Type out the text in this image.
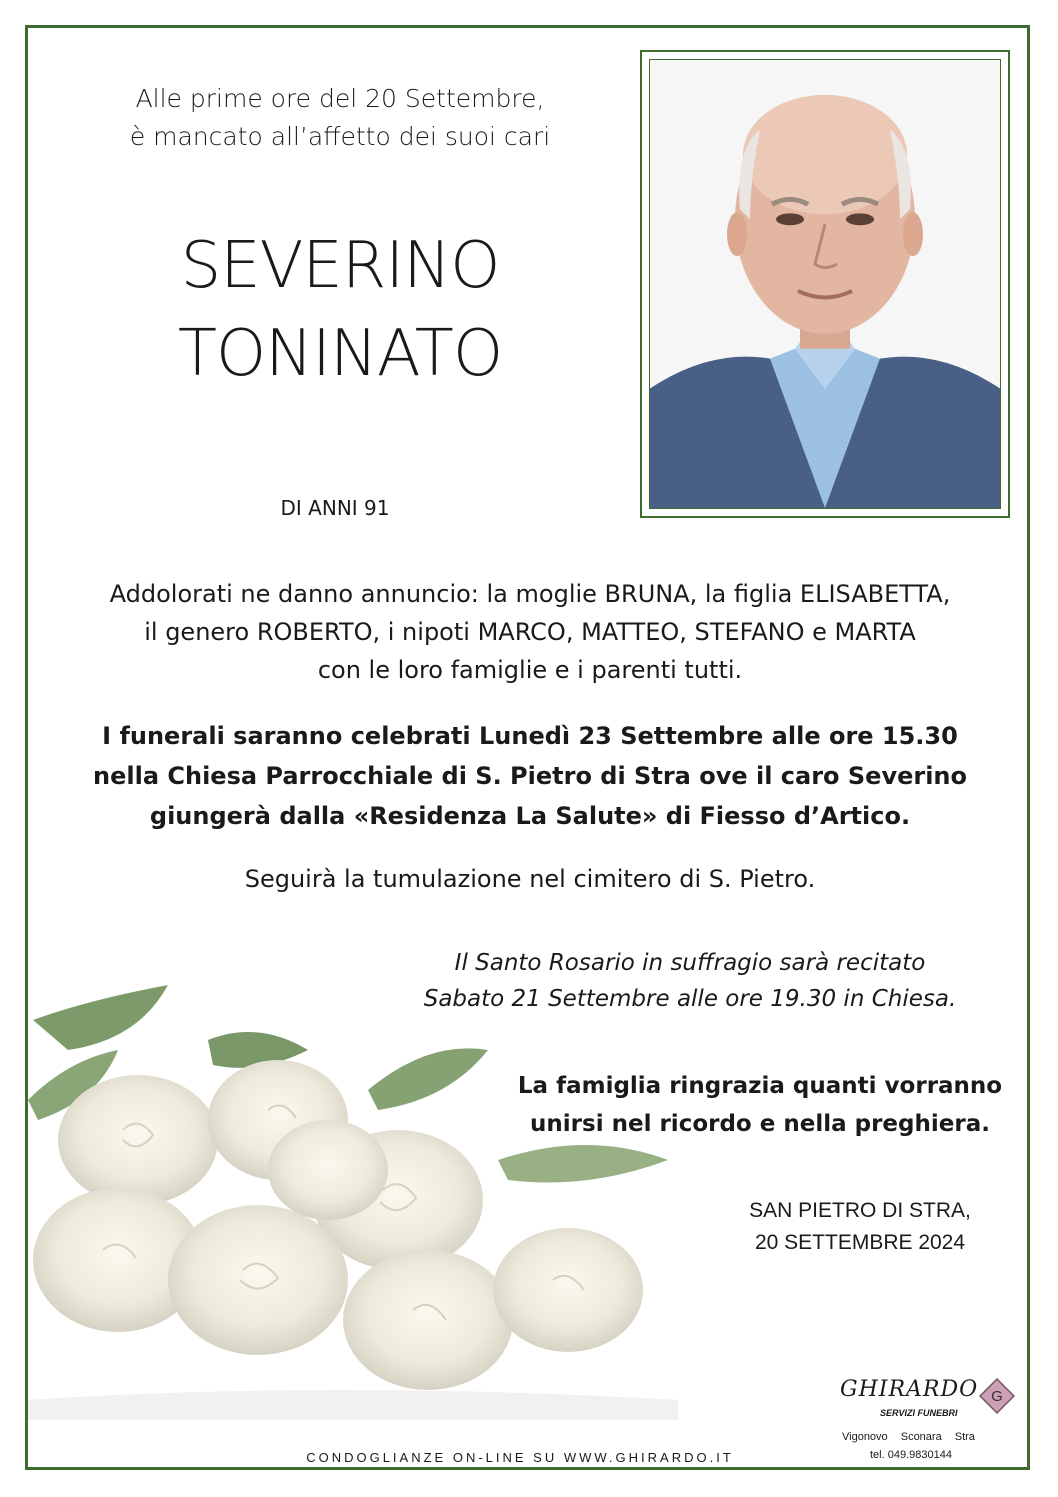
Alle prime ore del 20 Settembre,
è mancato all’affetto dei suoi cari
SEVERINO
TONINATO
DI ANNI 91
Addolorati ne danno annuncio: la moglie BRUNA, la figlia ELISABETTA,
il genero ROBERTO, i nipoti MARCO, MATTEO, STEFANO e MARTA
con le loro famiglie e i parenti tutti.
I funerali saranno celebrati Lunedì 23 Settembre alle ore 15.30
nella Chiesa Parrocchiale di S. Pietro di Stra ove il caro Severino
giungerà dalla «Residenza La Salute» di Fiesso d’Artico.
Seguirà la tumulazione nel cimitero di S. Pietro.
Il Santo Rosario in suffragio sarà recitato
Sabato 21 Settembre alle ore 19.30 in Chiesa.
La famiglia ringrazia quanti vorranno
unirsi nel ricordo e nella preghiera.
SAN PIETRO DI STRA,
20 SETTEMBRE 2024
CONDOGLIANZE ON-LINE SU WWW.GHIRARDO.IT
GHIRARDO
SERVIZI FUNEBRI
G
Vigonovo Sconara Stra
tel. 049.9830144
